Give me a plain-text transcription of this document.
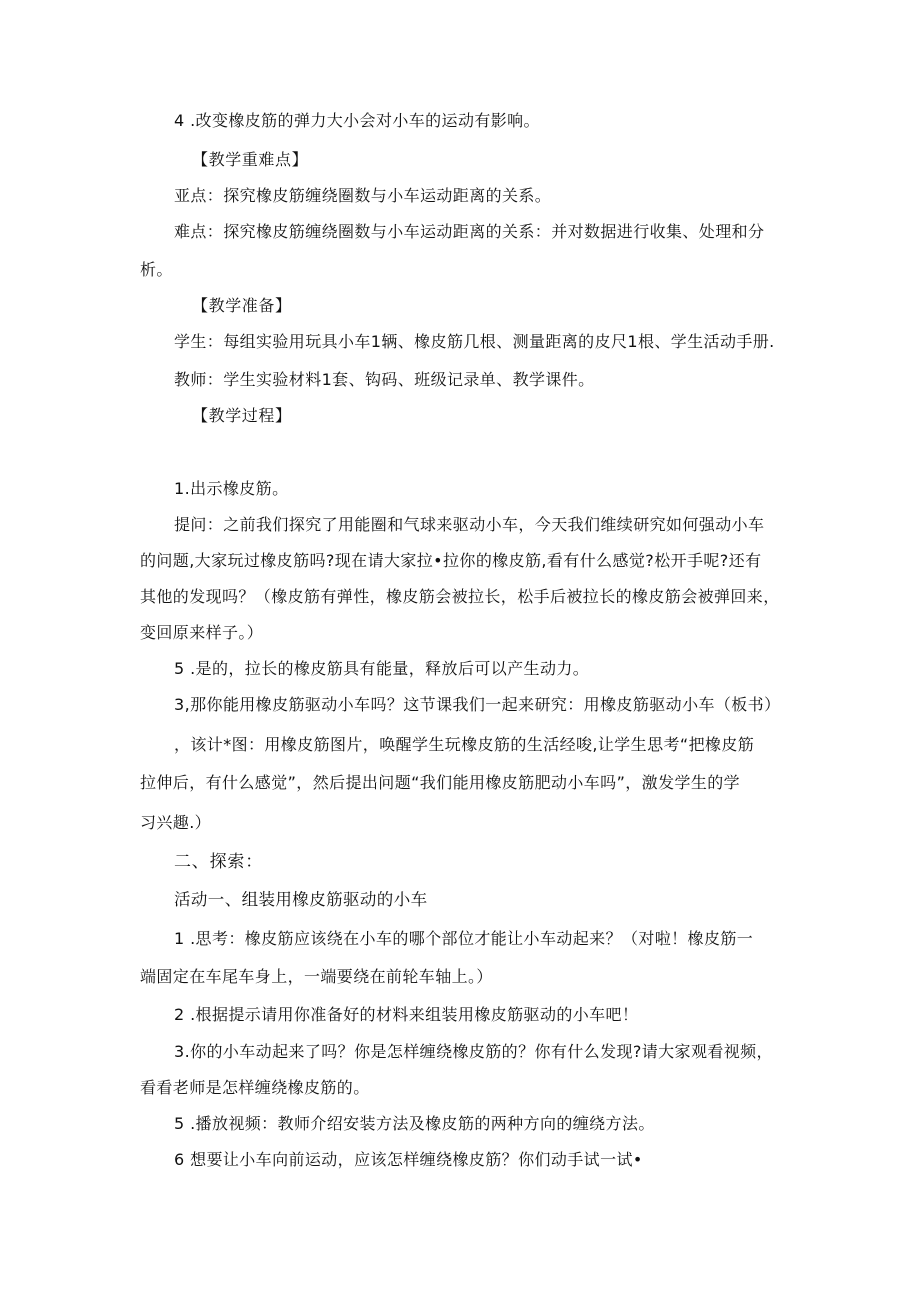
4 .改变橡皮筋的弹力大小会对小车的运动有影响。
【教学重难点】
亚点：探究橡皮筋缠绕圈数与小车运动距离的关系。
难点：探究橡皮筋缠绕圈数与小车运动距离的关系：并对数据进行收集、处理和分
析。
【教学准备】
学生：每组实验用玩具小车1辆、橡皮筋几根、测量距离的皮尺1根、学生活动手册.
教师：学生实验材料1套、钩码、班级记录单、教学课件。
【教学过程】
1.出示橡皮筋。
提问：之前我们探究了用能圈和气球来驱动小车，今天我们维续研究如何强动小车
的问题,大家玩过橡皮筋吗?现在请大家拉•拉你的橡皮筋,看有什么感觉?松开手呢?还有
其他的发现吗？（橡皮筋有弹性，橡皮筋会被拉长，松手后被拉长的橡皮筋会被弹回来，
变回原来样子。）
5 .是的，拉长的橡皮筋具有能量，释放后可以产生动力。
3,那你能用橡皮筋驱动小车吗？这节课我们一起来研究：用橡皮筋驱动小车（板书）
，该计*图：用橡皮筋图片，唤醒学生玩橡皮筋的生活经唆,让学生思考“把橡皮筋
拉伸后，有什么感觉”，然后提出问题“我们能用橡皮筋肥动小车吗”，激发学生的学
习兴趣.）
二、探索：
活动一、组装用橡皮筋驱动的小车
1 .思考：橡皮筋应该绕在小车的哪个部位才能让小车动起来？（对啦！橡皮筋一
端固定在车尾车身上，一端要绕在前轮车轴上。）
2 .根据提示请用你准备好的材料来组装用橡皮筋驱动的小车吧！
3.你的小车动起来了吗？你是怎样缠绕橡皮筋的？你有什么发现?请大家观看视频，
看看老师是怎样缠绕橡皮筋的。
5 .播放视频：教师介绍安装方法及橡皮筋的两种方向的缠绕方法。
6 想要让小车向前运动，应该怎样缠绕橡皮筋？你们动手试一试•
